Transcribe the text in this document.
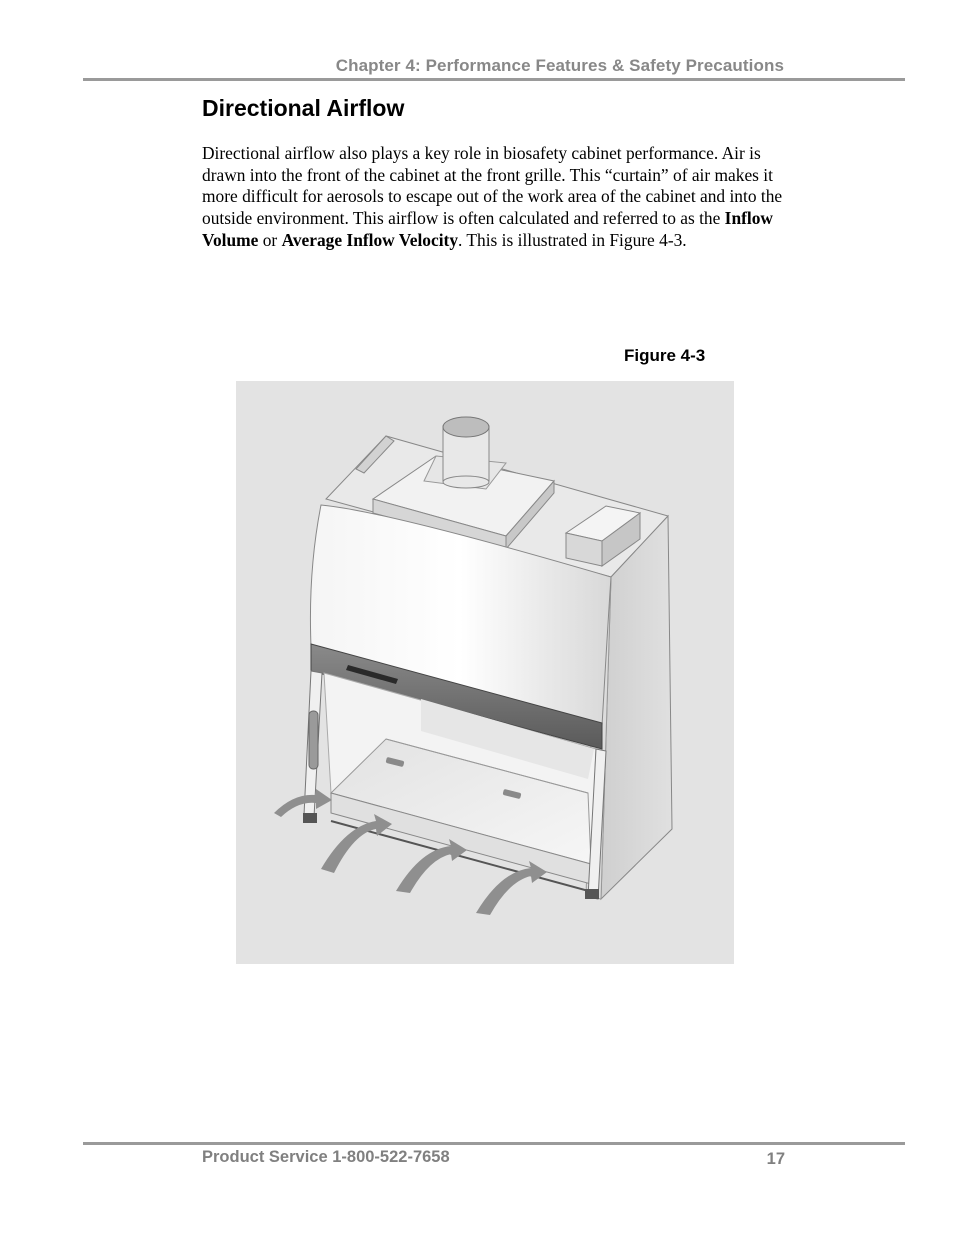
Chapter 4: Performance Features & Safety Precautions
Directional Airflow

Directional airflow also plays a key role in biosafety cabinet performance. Air is drawn into the front of the cabinet at the front grille. This “curtain” of air makes it more difficult for aerosols to escape out of the work area of the cabinet and into the outside environment. This airflow is often calculated and referred to as the Inflow Volume or Average Inflow Velocity. This is illustrated in Figure 4-3.

Figure 4-3
Product Service 1-800-522-7658	17
